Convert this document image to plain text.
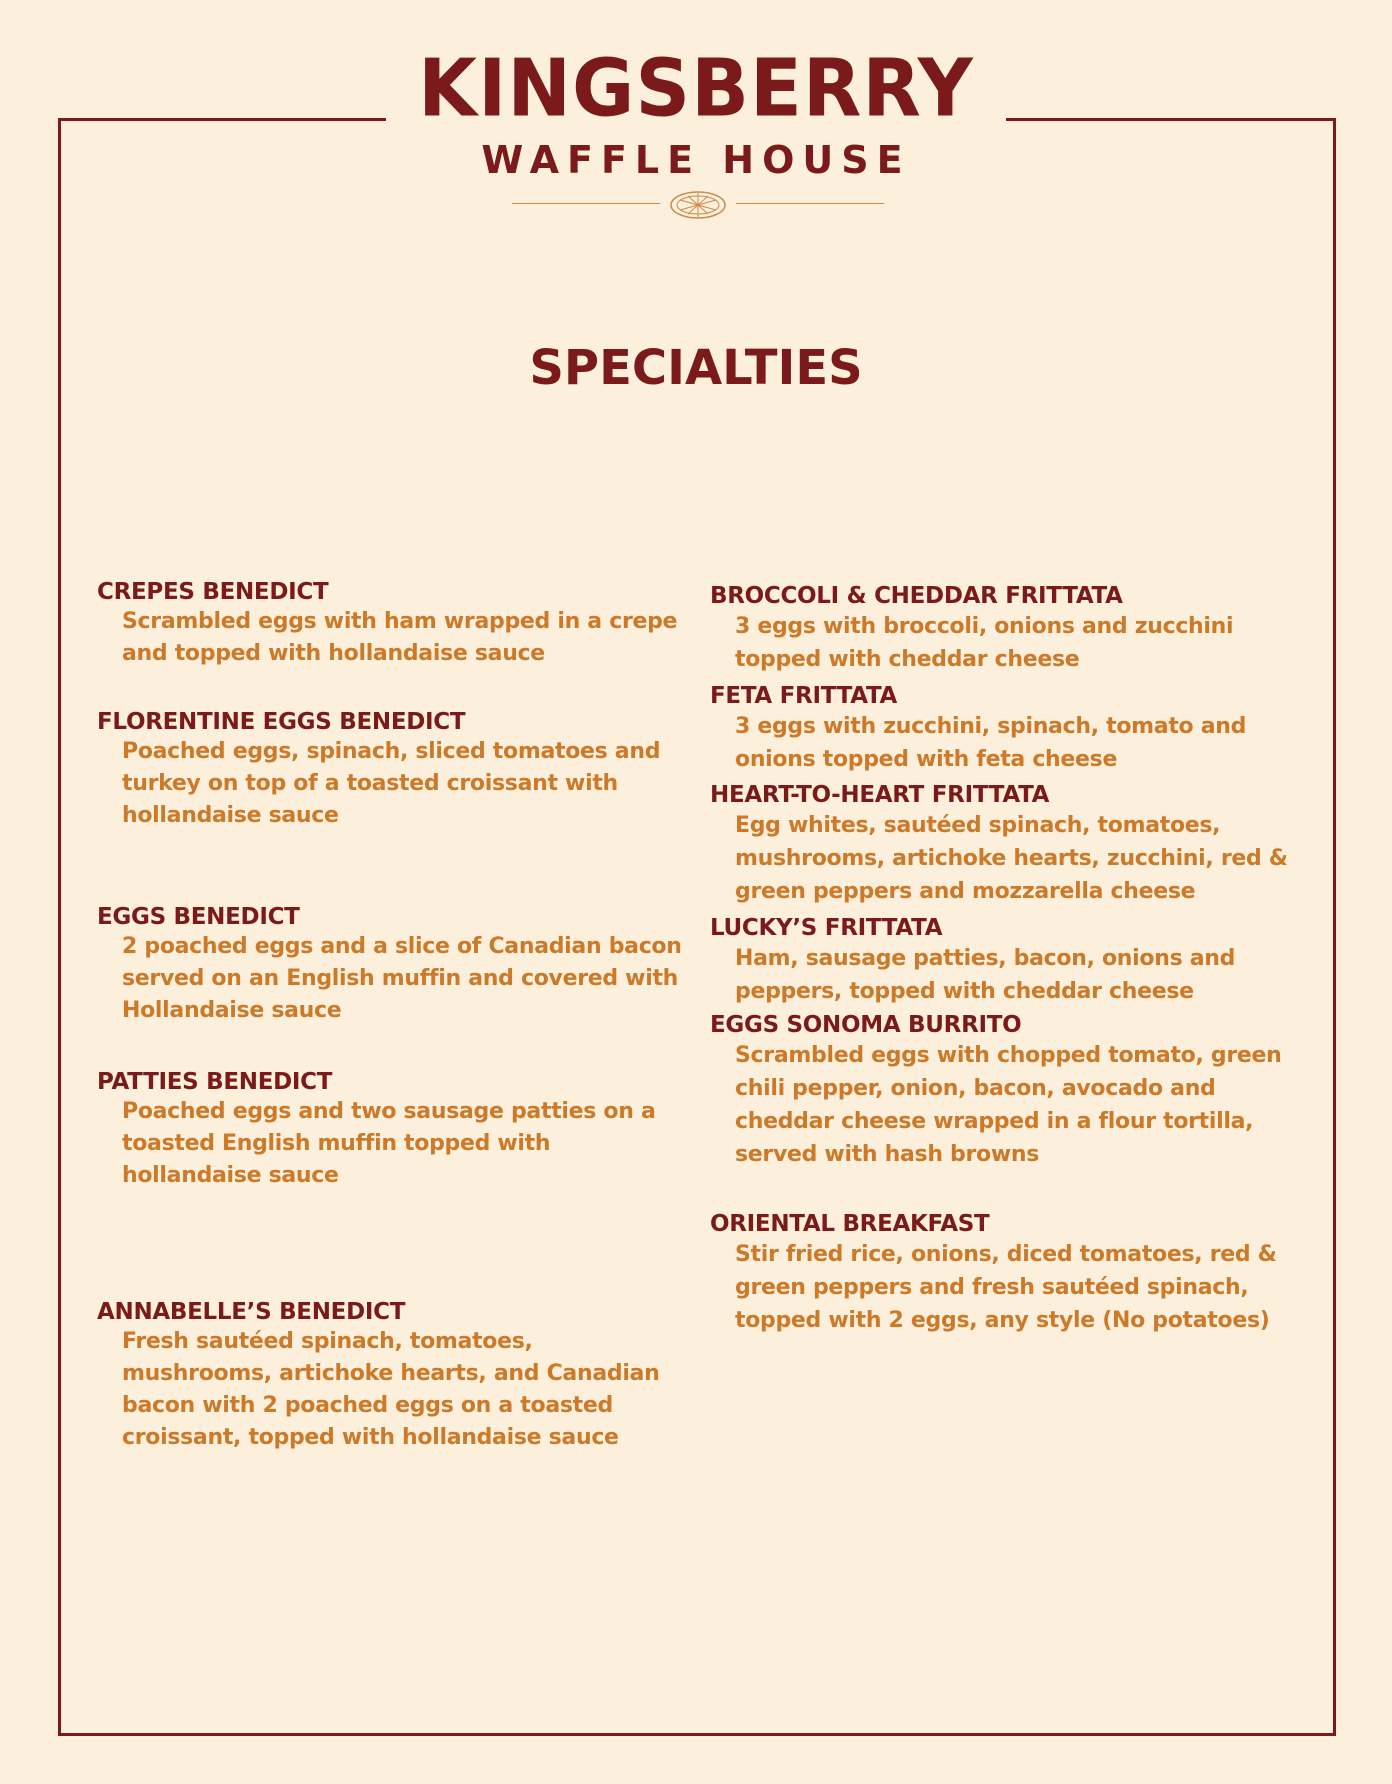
KINGSBERRY
WAFFLE HOUSE
SPECIALTIES
CREPES BENEDICT
Scrambled eggs with ham wrapped in a crepe and topped with hollandaise sauce
FLORENTINE EGGS BENEDICT
Poached eggs, spinach, sliced tomatoes and turkey on top of a toasted croissant with hollandaise sauce
EGGS BENEDICT
2 poached eggs and a slice of Canadian bacon served on an English muffin and covered with Hollandaise sauce
PATTIES BENEDICT
Poached eggs and two sausage patties on a toasted English muffin topped with hollandaise sauce
ANNABELLE’S BENEDICT
Fresh sautéed spinach, tomatoes, mushrooms, artichoke hearts, and Canadian bacon with 2 poached eggs on a toasted croissant, topped with hollandaise sauce
BROCCOLI & CHEDDAR FRITTATA
3 eggs with broccoli, onions and zucchini topped with cheddar cheese
FETA FRITTATA
3 eggs with zucchini, spinach, tomato and onions topped with feta cheese
HEART-TO-HEART FRITTATA
Egg whites, sautéed spinach, tomatoes, mushrooms, artichoke hearts, zucchini, red & green peppers and mozzarella cheese
LUCKY’S FRITTATA
Ham, sausage patties, bacon, onions and peppers, topped with cheddar cheese
EGGS SONOMA BURRITO
Scrambled eggs with chopped tomato, green chili pepper, onion, bacon, avocado and cheddar cheese wrapped in a flour tortilla, served with hash browns
ORIENTAL BREAKFAST
Stir fried rice, onions, diced tomatoes, red & green peppers and fresh sautéed spinach, topped with 2 eggs, any style (No potatoes)
